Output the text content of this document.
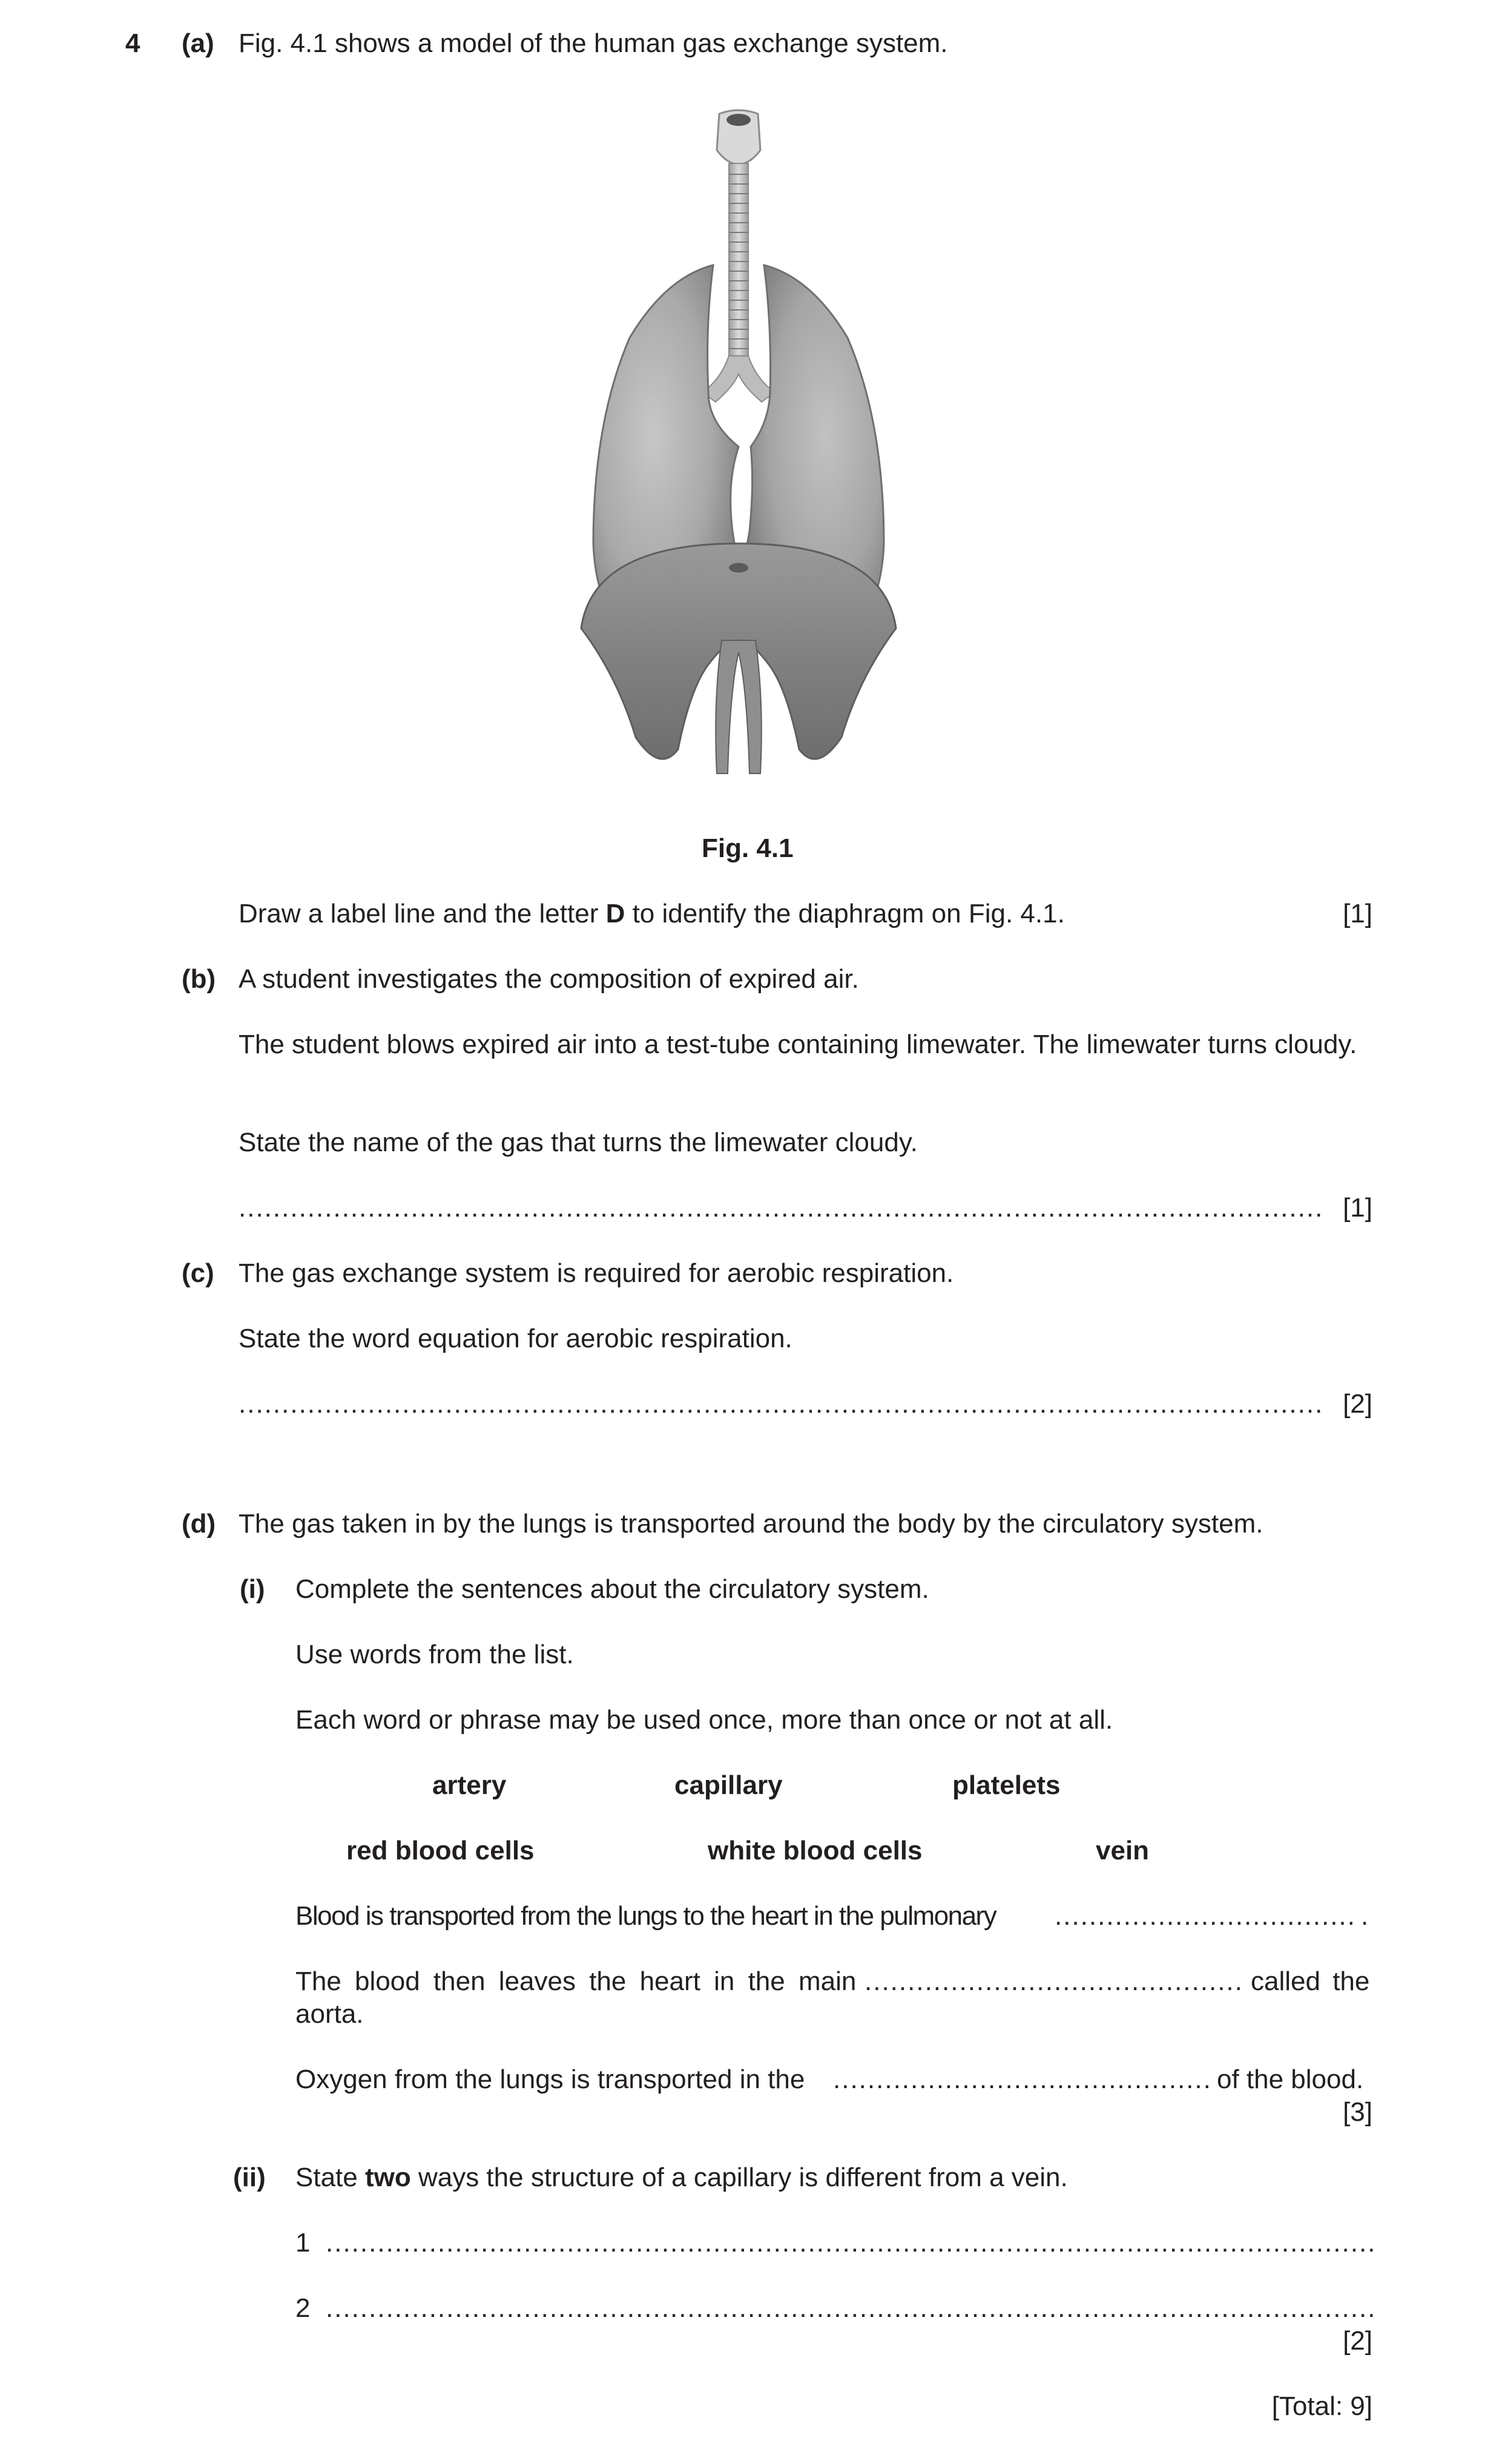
4 (a) Fig. 4.1 shows a model of the human gas exchange system.
Fig. 4.1
Draw a label line and the letter D to identify the diaphragm on Fig. 4.1.	[1]
(b) A student investigates the composition of expired air.
The student blows expired air into a test-tube containing limewater. The limewater turns cloudy.
State the name of the gas that turns the limewater cloudy.
.....
[1]
(c) The gas exchange system is required for aerobic respiration.
State the word equation for aerobic respiration.
.....
[2]
(d) The gas taken in by the lungs is transported around the body by the circulatory system.
(i) Complete the sentences about the circulatory system.
Use words from the list.
Each word or phrase may be used once, more than once or not at all.
artery	capillary	platelets
red blood cells	white blood cells	vein
Blood is transported from the lungs to the heart in the pulmonary .....	.
The blood then leaves the heart in the main .....	called the
aorta.
Oxygen from the lungs is transported in the .....	of the blood.
[3]
(ii) State two ways the structure of a capillary is different from a vein.
1
.....
2
.....
[2]
[Total: 9]
